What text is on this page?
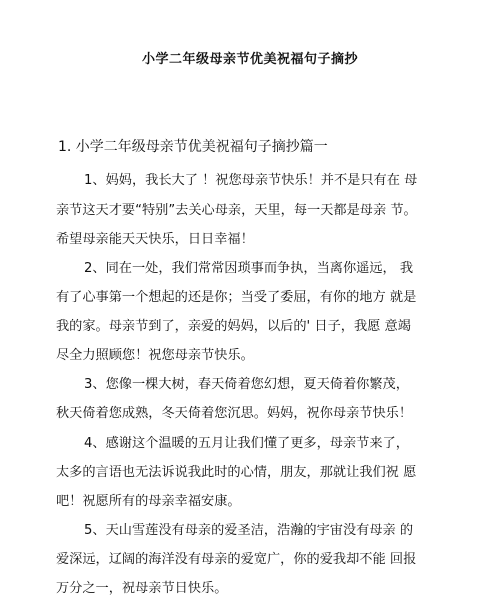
小学二年级母亲节优美祝福句子摘抄
1. 小学二年级母亲节优美祝福句子摘抄篇一
1、妈妈，我长大了 ！祝您母亲节快乐！并不是只有在 母
亲节这天才要“特别”去关心母亲，天里，每一天都是母亲 节。
希望母亲能天天快乐，日日幸福！
2、同在一处，我们常常因琐事而争执，当离你遥远， 我
有了心事第一个想起的还是你；当受了委屈，有你的地方 就是
我的家。母亲节到了，亲爱的妈妈，以后的' 日子，我愿 意竭
尽全力照顾您！祝您母亲节快乐。
3、您像一棵大树，春天倚着您幻想，夏天倚着你繁茂，
秋天倚着您成熟，冬天倚着您沉思。妈妈，祝你母亲节快乐！
4、感谢这个温暖的五月让我们懂了更多，母亲节来了，
太多的言语也无法诉说我此时的心情，朋友，那就让我们祝 愿
吧！祝愿所有的母亲幸福安康。
5、天山雪莲没有母亲的爱圣洁，浩瀚的宇宙没有母亲 的
爱深远，辽阔的海洋没有母亲的爱宽广，你的爱我却不能 回报
万分之一，祝母亲节日快乐。
